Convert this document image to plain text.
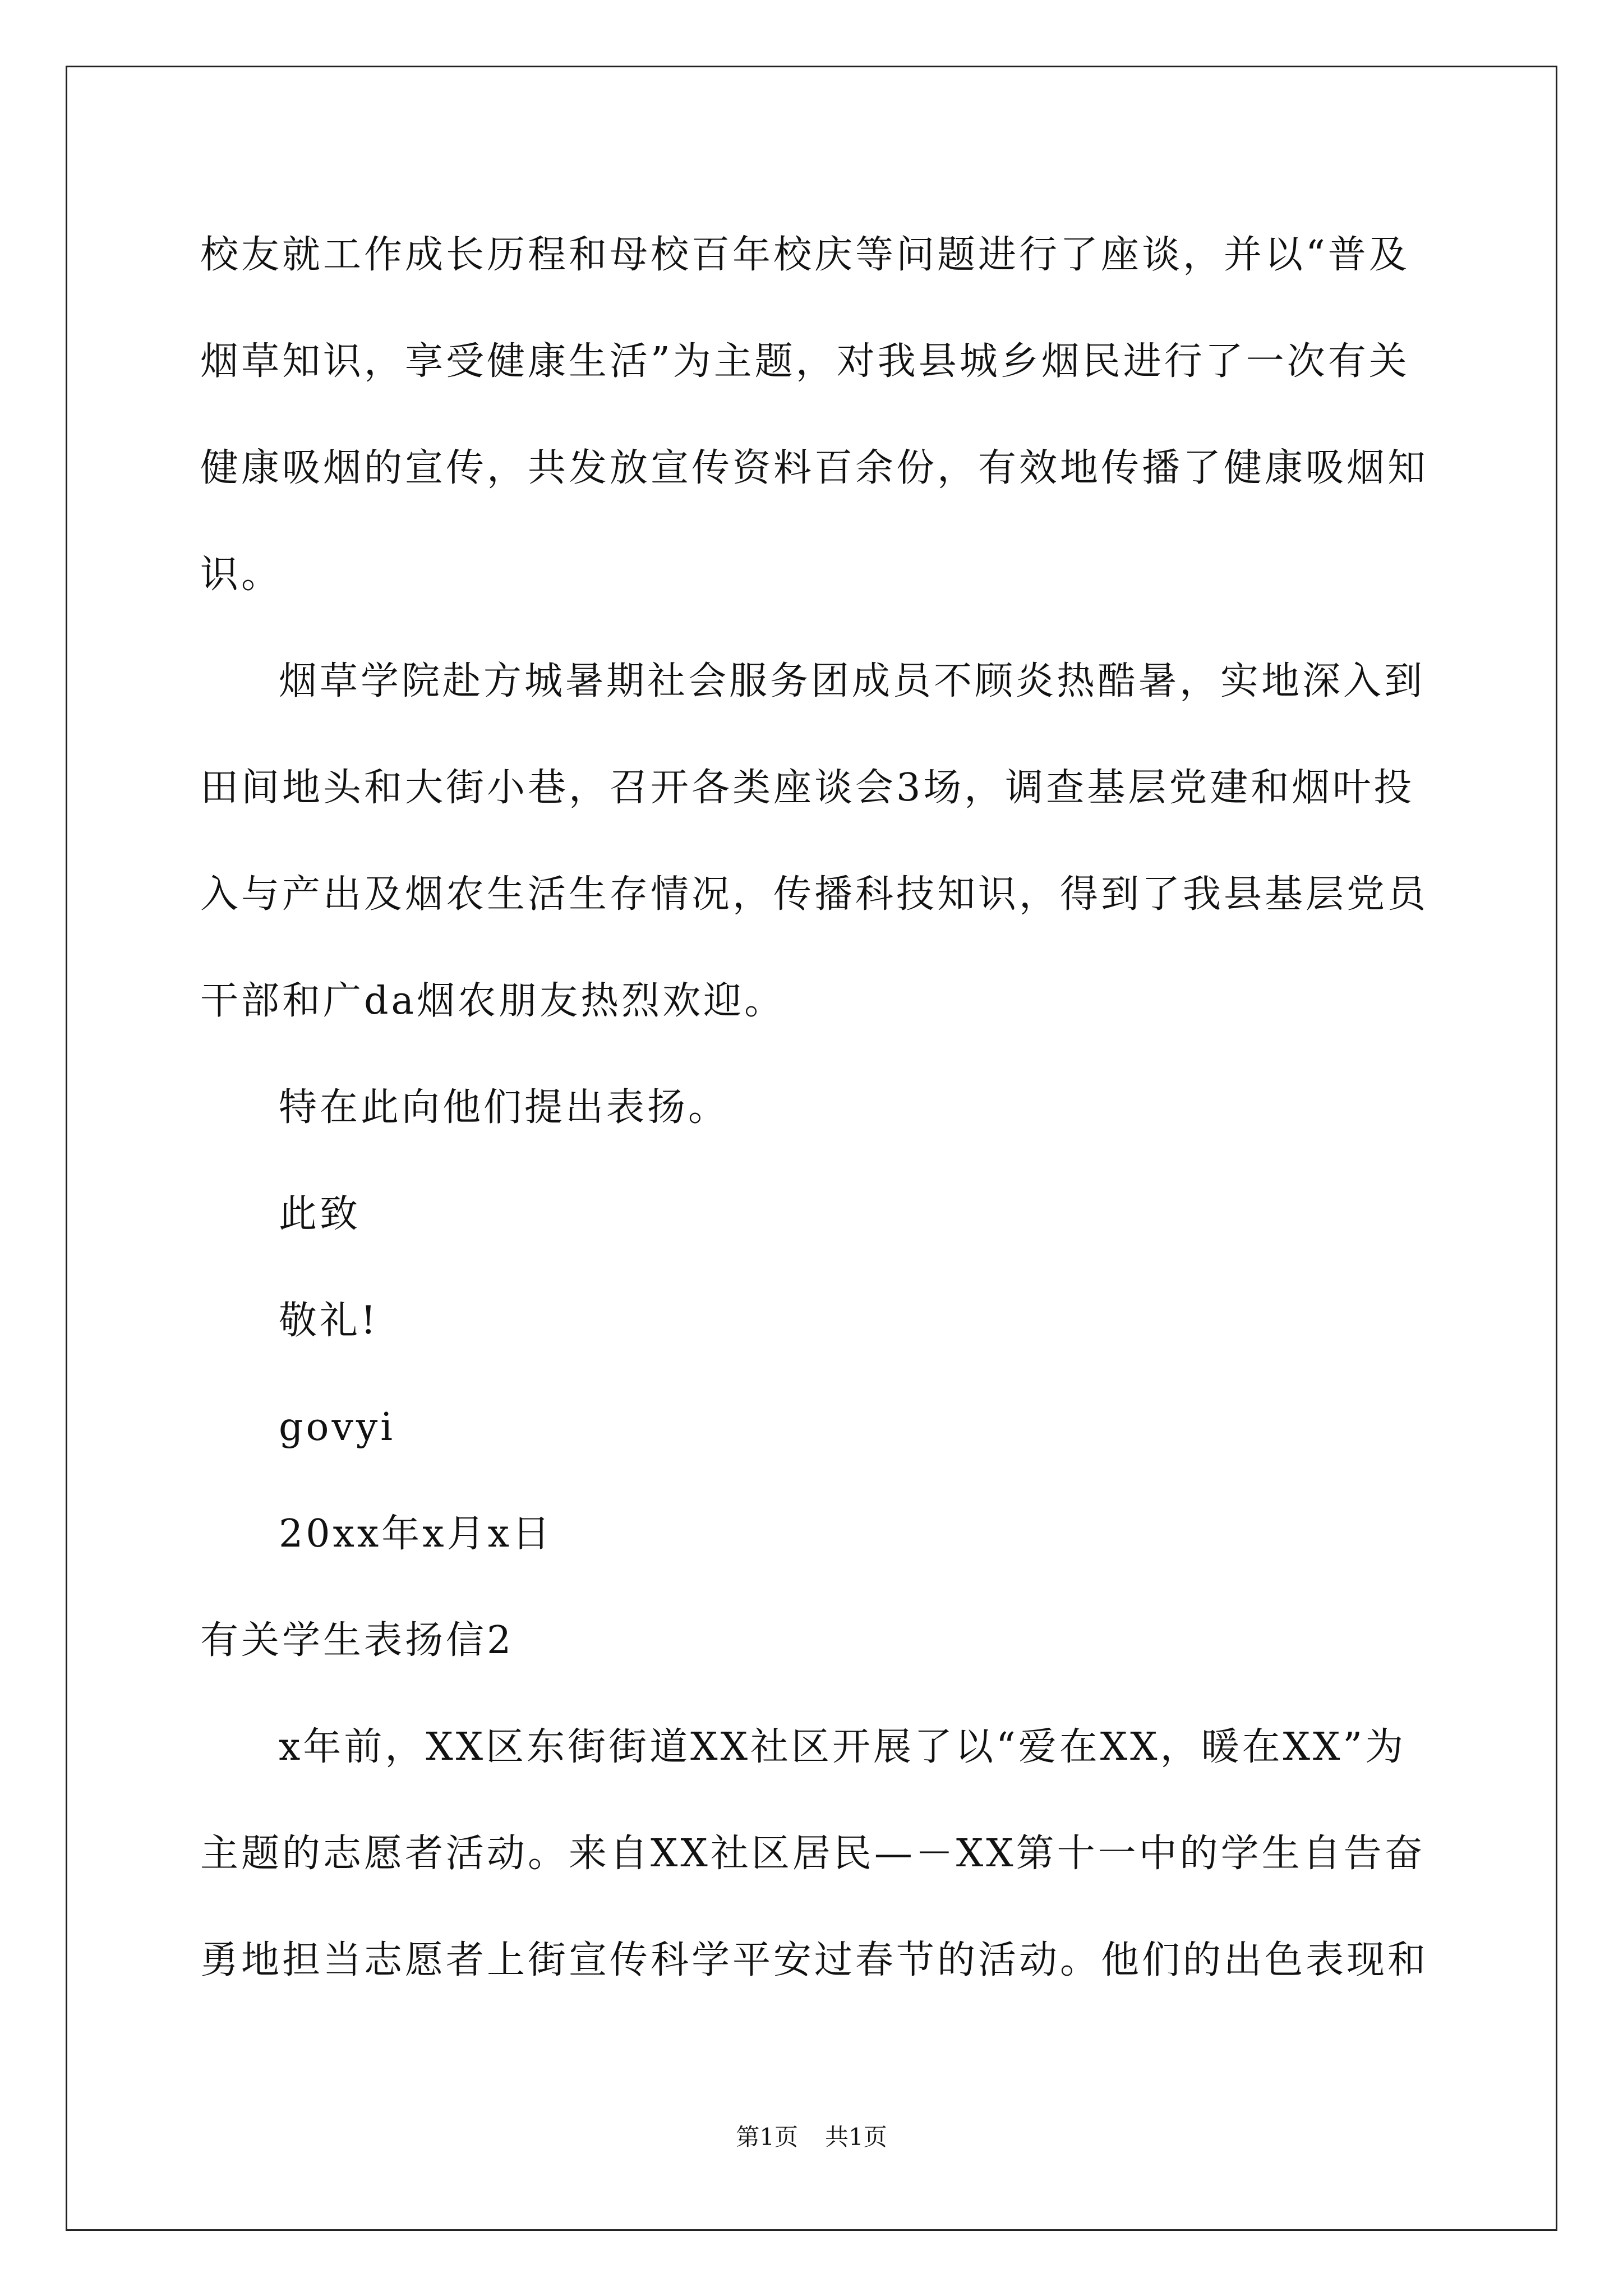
校友就工作成长历程和母校百年校庆等问题进行了座谈，并以“普及烟草知识，享受健康生活”为主题，对我县城乡烟民进行了一次有关健康吸烟的宣传，共发放宣传资料百余份，有效地传播了健康吸烟知识。

烟草学院赴方城暑期社会服务团成员不顾炎热酷暑，实地深入到田间地头和大街小巷，召开各类座谈会3场，调查基层党建和烟叶投入与产出及烟农生活生存情况，传播科技知识，得到了我县基层党员干部和广da烟农朋友热烈欢迎。

特在此向他们提出表扬。

此致

敬礼!

govyi

20xx年x月x日

有关学生表扬信2

x年前，XX区东街街道XX社区开展了以“爱在XX，暖在XX”为主题的志愿者活动。来自XX社区居民—－XX第十一中的学生自告奋勇地担当志愿者上街宣传科学平安过春节的活动。他们的出色表现和

第1页 共1页
